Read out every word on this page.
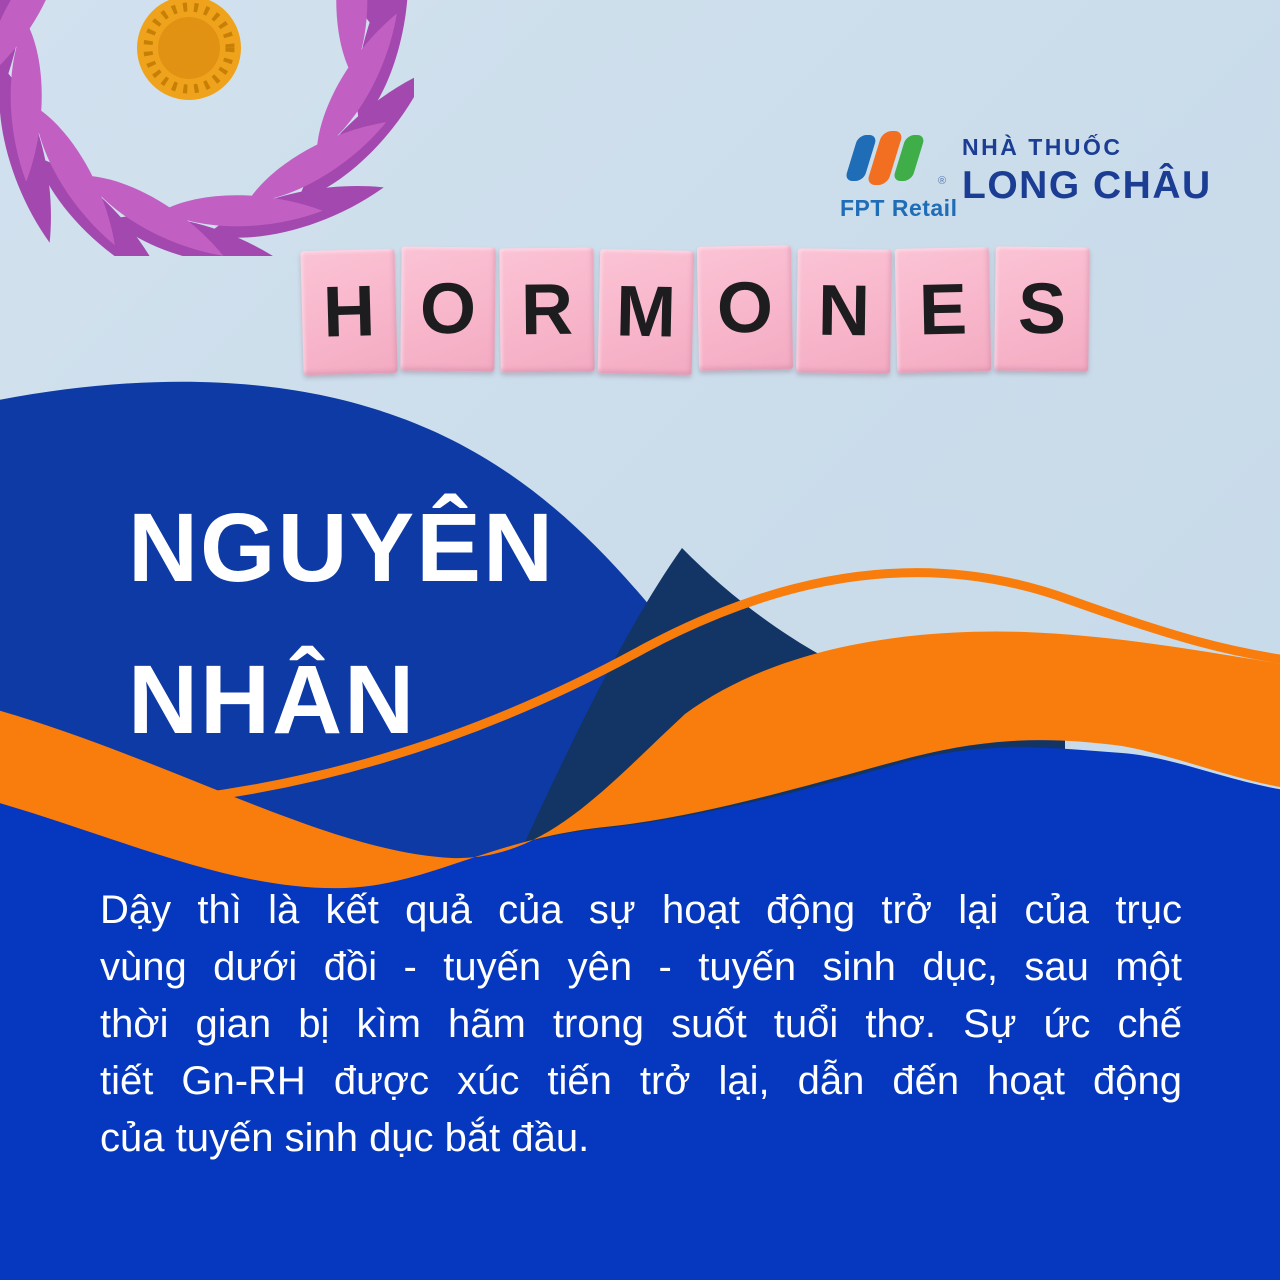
®
FPT Retail
NHÀ THUỐC
LONG CHÂU
H O R M O N E S
NGUYÊN
NHÂN
Dậy thì là kết quả của sự hoạt động trở lại của trục
vùng dưới đồi - tuyến yên - tuyến sinh dục, sau một
thời gian bị kìm hãm trong suốt tuổi thơ. Sự ức chế
tiết Gn-RH được xúc tiến trở lại, dẫn đến hoạt động
của tuyến sinh dục bắt đầu.
